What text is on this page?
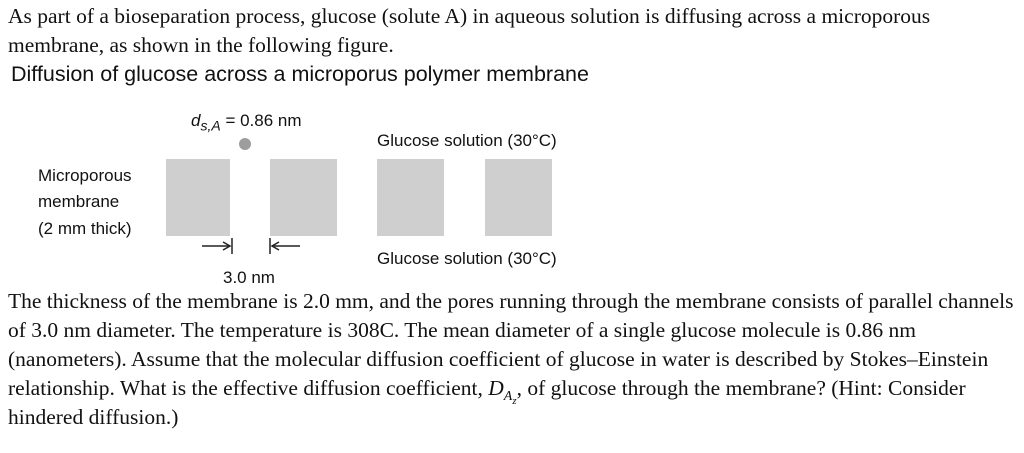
As part of a bioseparation process, glucose (solute A) in aqueous solution is diffusing across a microporous membrane, as shown in the following figure.
Diffusion of glucose across a microporus polymer membrane
$d_{s,A} = 0.86$ nm
Glucose solution (30°C)
Microporous
membrane
(2 mm thick)
Glucose solution (30°C)
3.0 nm
The thickness of the membrane is 2.0 mm, and the pores running through the membrane consists of parallel channels of 3.0 nm diameter. The temperature is 308C. The mean diameter of a single glucose molecule is 0.86 nm (nanometers). Assume that the molecular diffusion coefficient of glucose in water is described by Stokes–Einstein relationship. What is the effective diffusion coefficient, $D_{A_z}$, of glucose through the membrane? (Hint: Consider hindered diffusion.)
